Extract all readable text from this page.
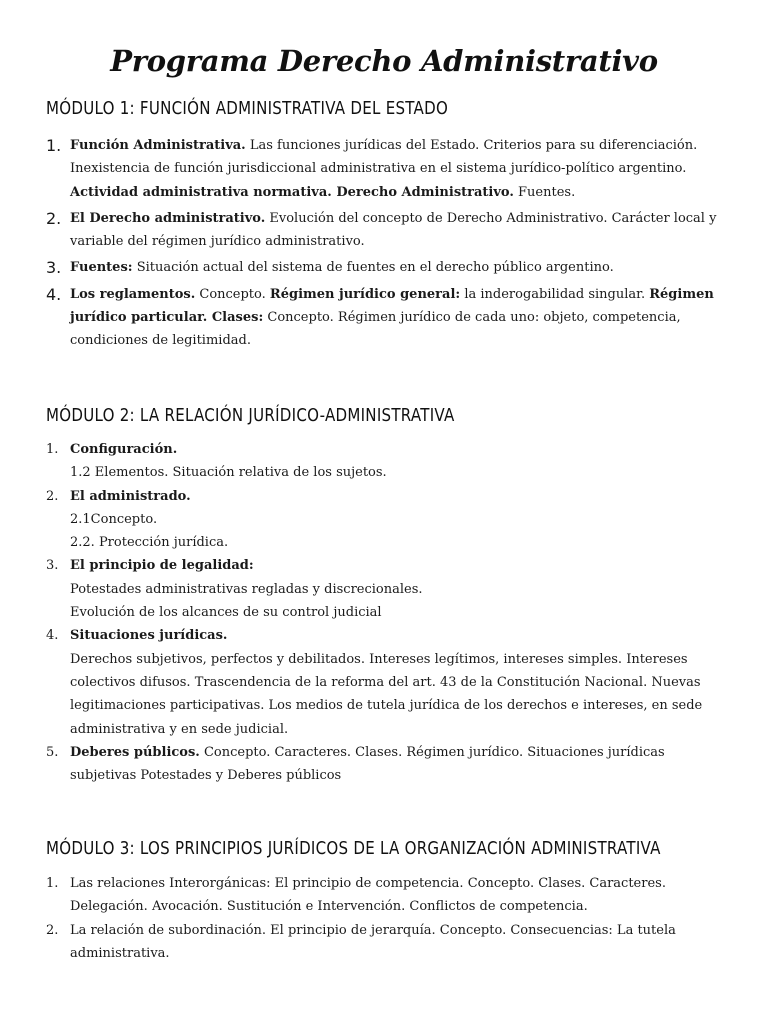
Programa Derecho Administrativo
MÓDULO 1: FUNCIÓN ADMINISTRATIVA DEL ESTADO
1. Función Administrativa. Las funciones jurídicas del Estado. Criterios para su diferenciación. Inexistencia de función jurisdiccional administrativa en el sistema jurídico-político argentino. Actividad administrativa normativa. Derecho Administrativo. Fuentes.
2. El Derecho administrativo. Evolución del concepto de Derecho Administrativo. Carácter local y variable del régimen jurídico administrativo.
3. Fuentes: Situación actual del sistema de fuentes en el derecho público argentino.
4. Los reglamentos. Concepto. Régimen jurídico general: la inderogabilidad singular. Régimen jurídico particular. Clases: Concepto. Régimen jurídico de cada uno: objeto, competencia, condiciones de legitimidad.
MÓDULO 2: LA RELACIÓN JURÍDICO-ADMINISTRATIVA
1. Configuración.
1.2 Elementos. Situación relativa de los sujetos.
2. El administrado.
2.1Concepto.
2.2. Protección jurídica.
3. El principio de legalidad:
Potestades administrativas regladas y discrecionales.
Evolución de los alcances de su control judicial
4. Situaciones jurídicas.
Derechos subjetivos, perfectos y debilitados. Intereses legítimos, intereses simples. Intereses colectivos difusos. Trascendencia de la reforma del art. 43 de la Constitución Nacional. Nuevas legitimaciones participativas. Los medios de tutela jurídica de los derechos e intereses, en sede administrativa y en sede judicial.
5. Deberes públicos. Concepto. Caracteres. Clases. Régimen jurídico. Situaciones jurídicas subjetivas Potestades y Deberes públicos
MÓDULO 3: LOS PRINCIPIOS JURÍDICOS DE LA ORGANIZACIÓN ADMINISTRATIVA
1. Las relaciones Interorgánicas: El principio de competencia. Concepto. Clases. Caracteres. Delegación. Avocación. Sustitución e Intervención. Conflictos de competencia.
2. La relación de subordinación. El principio de jerarquía. Concepto. Consecuencias: La tutela administrativa.
